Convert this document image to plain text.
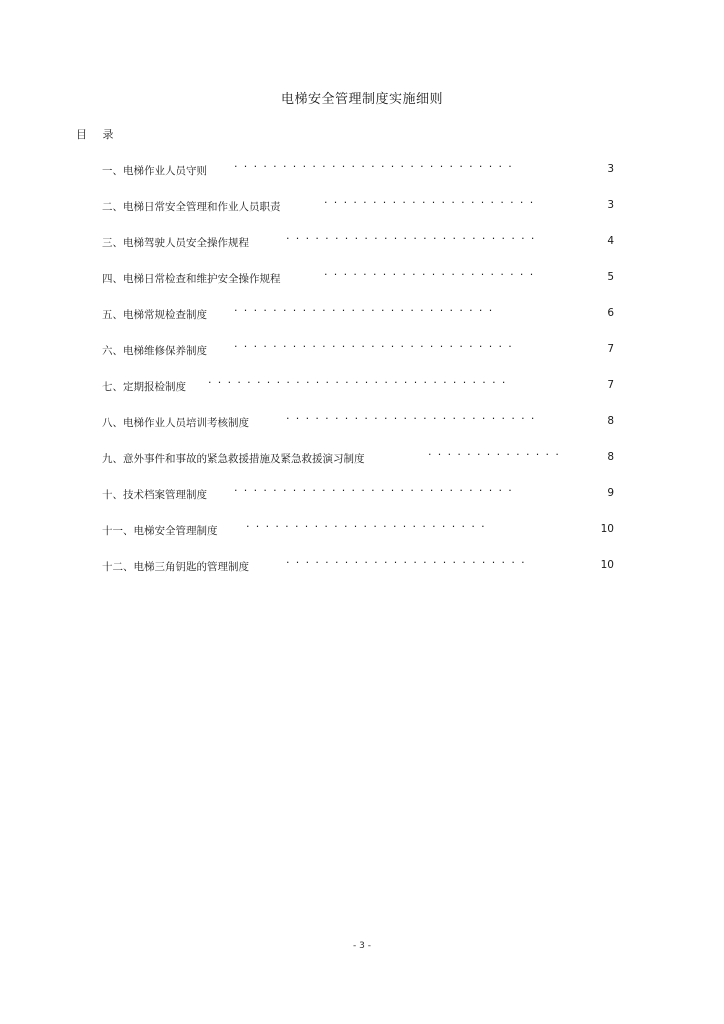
电梯安全管理制度实施细则
目 录
一、电梯作业人员守则 ·····························	3
二、电梯日常安全管理和作业人员职责	······················	3
三、电梯驾驶人员安全操作规程	··························	4
四、电梯日常检查和维护安全操作规程	······················	5
五、电梯常规检查制度 ···························	6
六、电梯维修保养制度 ·····························	7
七、定期报检制度 ·······························	7
八、电梯作业人员培训考核制度	··························	8
九、意外事件和事故的紧急救援措施及紧急救援演习制度	··············	8
十、技术档案管理制度 ·····························	9
十一、电梯安全管理制度	·························	10
十二、电梯三角钥匙的管理制度	·························	10
- 3 -
